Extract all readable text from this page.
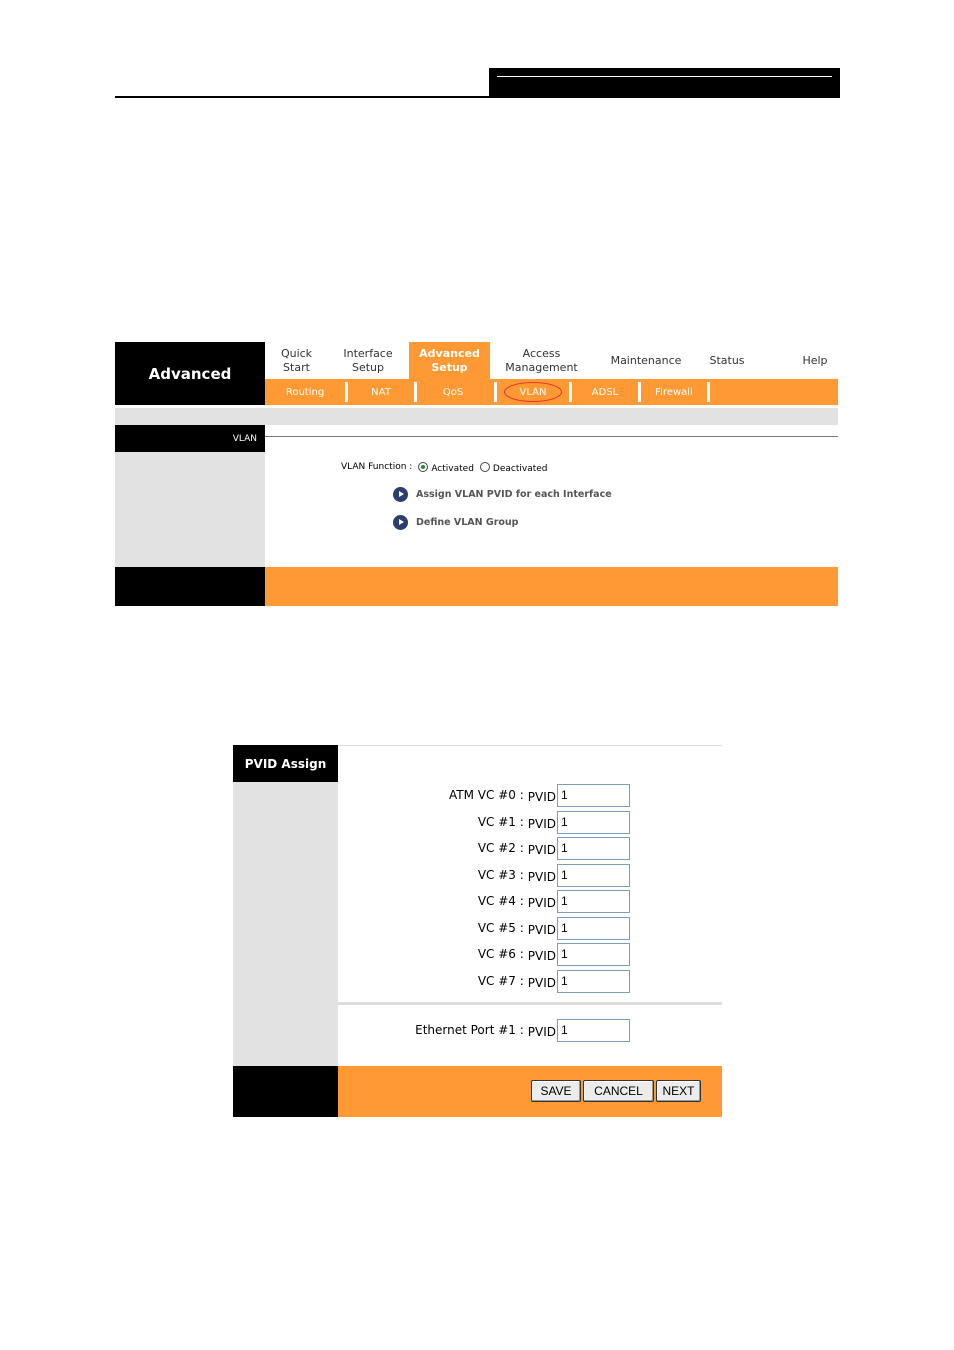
Advanced
Quick
Start
Interface
Setup
Advanced
Setup
Access
Management
Maintenance	Status	Help
Routing	NAT	QoS	VLAN	ADSL	Firewall
VLAN
VLAN Function : Activated Deactivated
Assign VLAN PVID for each Interface
Define VLAN Group
PVID Assign
ATM VC #0 : PVID
1
VC #1 : PVID
1
VC #2 : PVID
1
VC #3 : PVID
1
VC #4 : PVID
1
VC #5 : PVID
1
VC #6 : PVID
1
VC #7 : PVID
1
Ethernet Port #1 : PVID
1
SAVE	CANCEL	NEXT
